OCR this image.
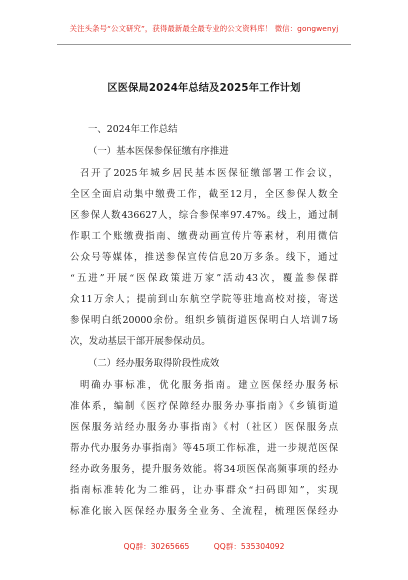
关注头条号“公文研究”，获得最新最全最专业的公文资料库！ 微信：gongwenyj
区医保局2024年总结及2025年工作计划
一、2024年工作总结
（一）基本医保参保征缴有序推进
召开了2025年城乡居民基本医保征缴部署工作会议，
全区全面启动集中缴费工作，截至12月，全区参保人数全
区参保人数436627人，综合参保率97.47%。线上，通过制
作职工个账缴费指南、缴费动画宣传片等素材，利用微信
公众号等媒体，推送参保宣传信息20万多条。线下，通过
“五进”开展“医保政策进万家”活动43次，覆盖参保群
众11万余人；提前到山东航空学院等驻地高校对接，寄送
参保明白纸20000余份。组织乡镇街道医保明白人培训7场
次，发动基层干部开展参保动员。
（二）经办服务取得阶段性成效
明确办事标准，优化服务指南。建立医保经办服务标
准体系，编制《医疗保障经办服务办事指南》《乡镇街道
医保服务站经办服务办事指南》《村（社区）医保服务点
帮办代办服务办事指南》等45项工作标准，进一步规范医保
经办政务服务，提升服务效能。将34项医保高频事项的经办
指南标准转化为二维码，让办事群众“扫码即知”，实现
标准化嵌入医保经办服务全业务、全流程，梳理医保经办
QQ群：30265665 QQ群：535304092
